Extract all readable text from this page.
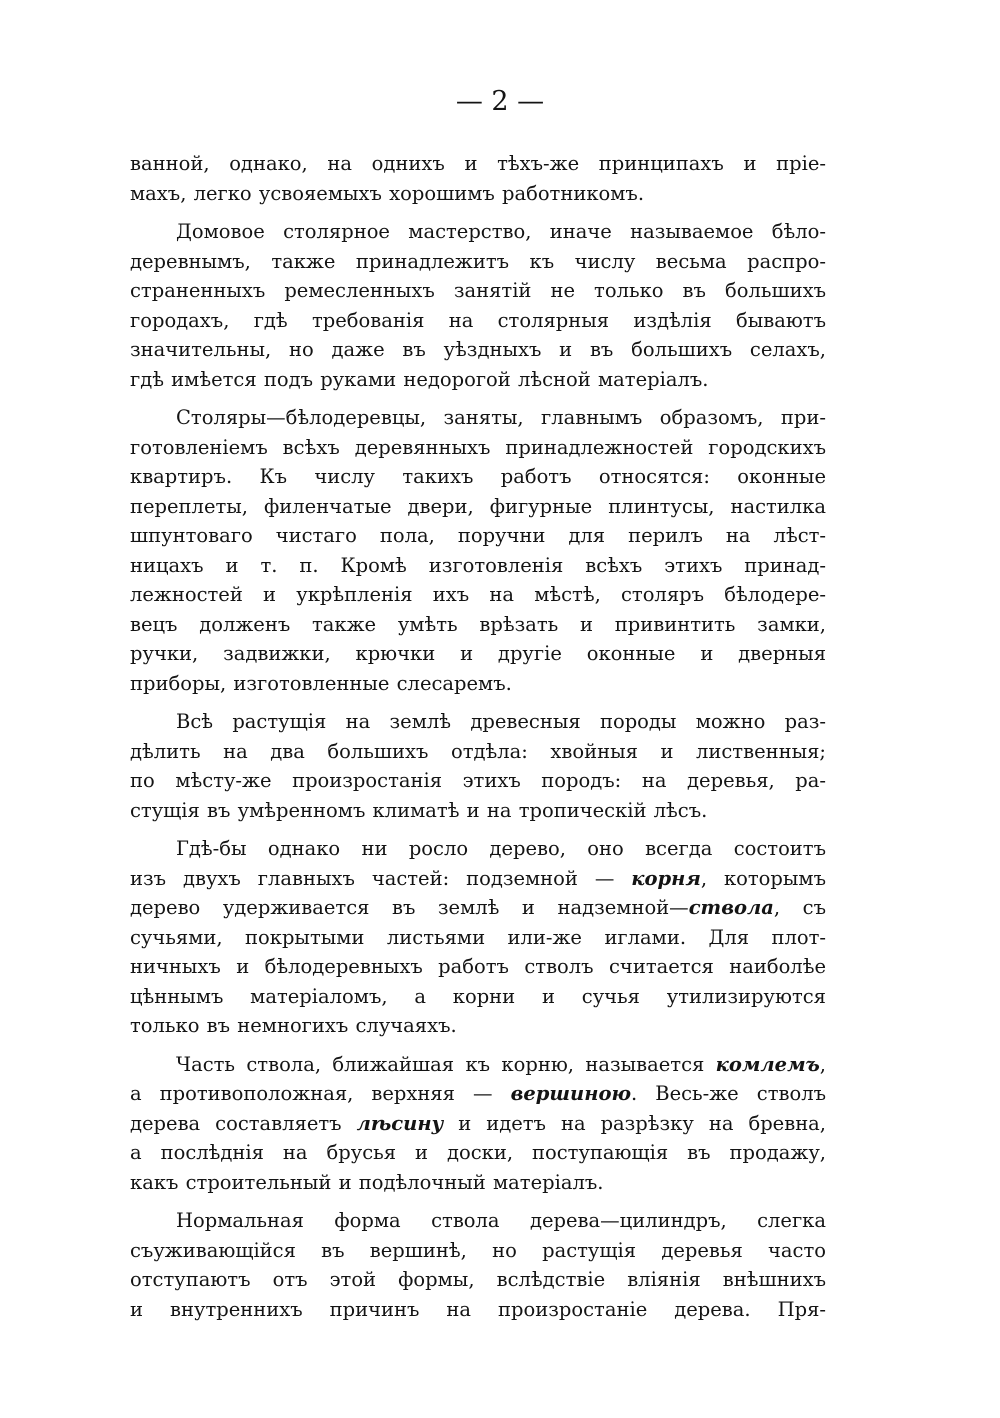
— 2 —
ванной, однако, на однихъ и тѣхъ-же принципахъ и прie-
махъ, легко усвояемыхъ хорошимъ работникомъ.
Домовое столярное мастерство, иначе называемое бѣло-
деревнымъ, также принадлежитъ къ числу весьма распро-
страненныхъ ремесленныхъ занятiй не только въ большихъ
городахъ, гдѣ требованiя на столярныя издѣлiя бываютъ
значительны, но даже въ уѣздныхъ и въ большихъ селахъ,
гдѣ имѣется подъ руками недорогой лѣсной матерiалъ.
Столяры—бѣлодеревцы, заняты, главнымъ образомъ, при-
готовленiемъ всѣхъ деревянныхъ принадлежностей городскихъ
квартиръ. Къ числу такихъ работъ относятся: оконные
переплеты, филенчатые двери, фигурные плинтусы, настилка
шпунтоваго чистаго пола, поручни для перилъ на лѣст-
ницахъ и т. п. Кромѣ изготовленiя всѣхъ этихъ принад-
лежностей и укрѣпленiя ихъ на мѣстѣ, столяръ бѣлодере-
вецъ долженъ также умѣть врѣзать и привинтить замки,
ручки, задвижки, крючки и другiе оконные и дверныя
приборы, изготовленные слесаремъ.
Всѣ растущiя на землѣ древесныя породы можно раз-
дѣлить на два большихъ отдѣла: хвойныя и лиственныя;
по мѣсту-же произростанiя этихъ породъ: на деревья, ра-
стущiя въ умѣренномъ климатѣ и на тропическiй лѣсъ.
Гдѣ-бы однако ни росло дерево, оно всегда состоитъ
изъ двухъ главныхъ частей: подземной — корня, которымъ
дерево удерживается въ землѣ и надземной—ствола, съ
сучьями, покрытыми листьями или-же иглами. Для плот-
ничныхъ и бѣлодеревныхъ работъ стволъ считается наиболѣе
цѣннымъ матерiаломъ, а корни и сучья утилизируются
только въ немногихъ случаяхъ.
Часть ствола, ближайшая къ корню, называется комлемъ,
а противоположная, верхняя — вершиною. Весь-же стволъ
дерева составляетъ лѣсину и идетъ на разрѣзку на бревна,
а послѣднiя на брусья и доски, поступающiя въ продажу,
какъ строительный и подѣлочный матерiалъ.
Нормальная форма ствола дерева—цилиндръ, слегка
съуживающiйся въ вершинѣ, но растущiя деревья часто
отступаютъ отъ этой формы, вслѣдствie влiянiя внѣшнихъ
и внутреннихъ причинъ на произростанie дерева. Пря-
